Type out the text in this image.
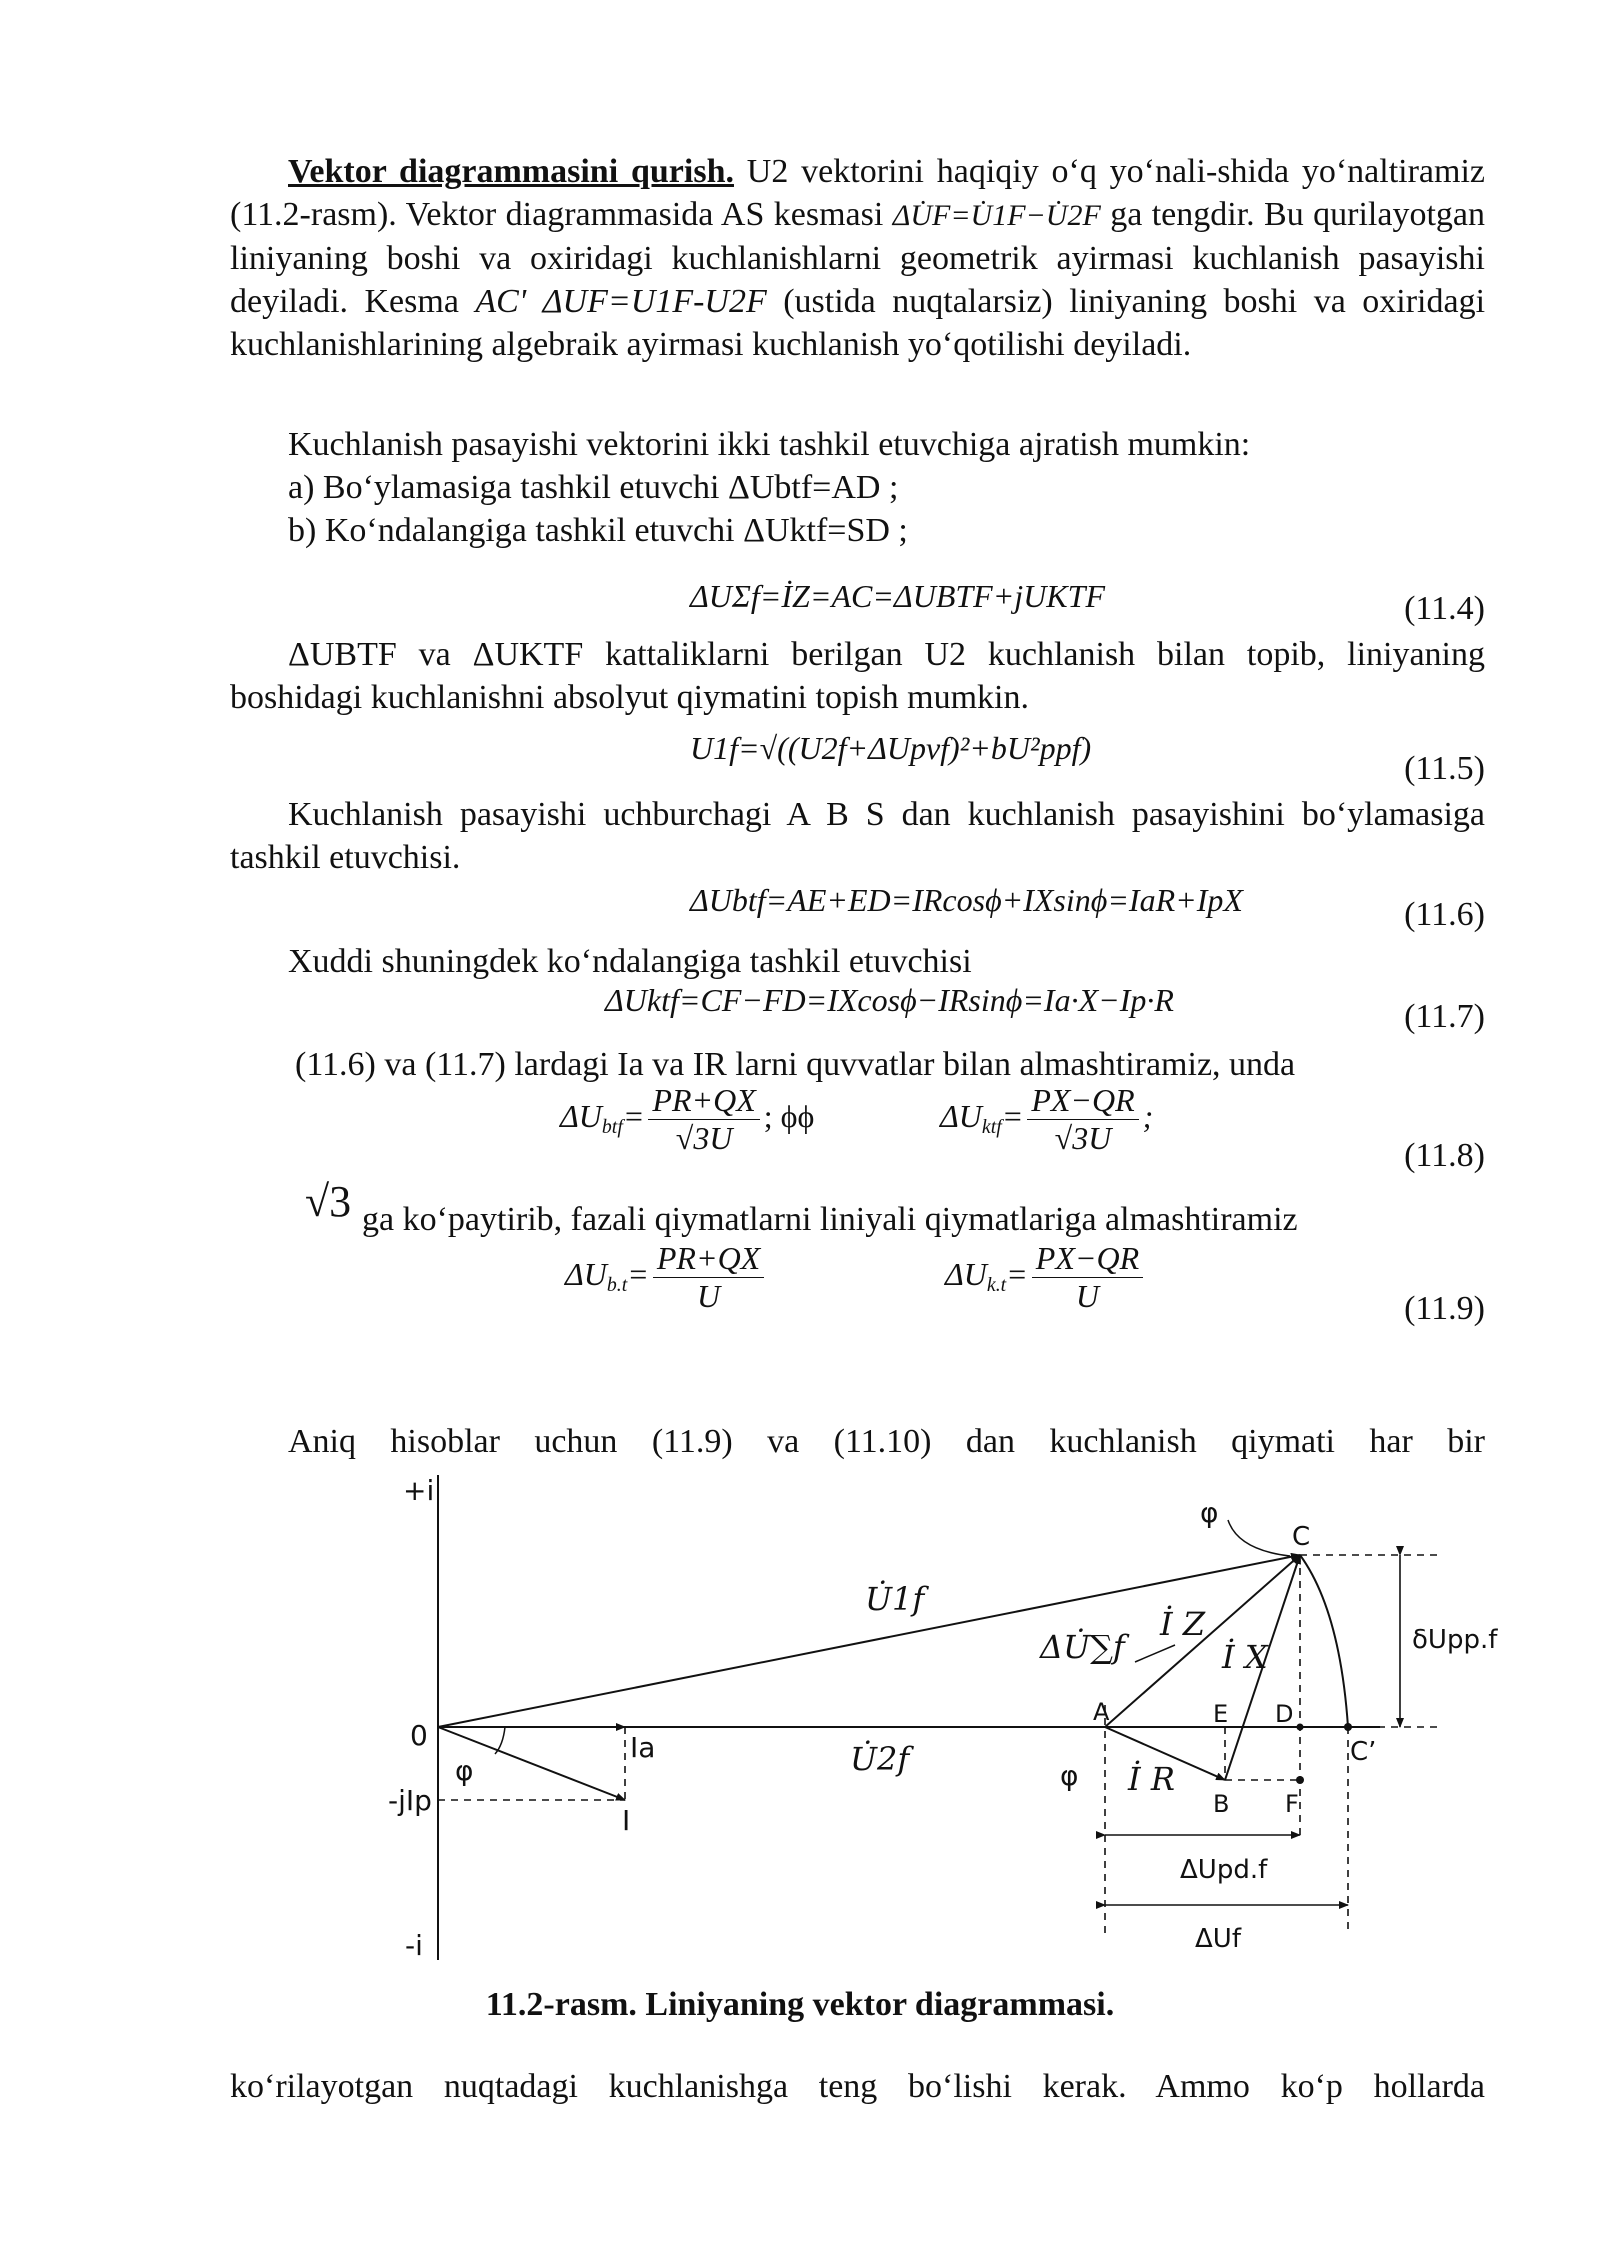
Vektor diagrammasini qurish. U2 vektorini haqiqiy o‘q yo‘nali-shida yo‘naltiramiz (11.2-rasm). Vektor diagrammasida AS kesmasi ΔU̇F=U̇1F−U̇2F ga tengdir. Bu qurilayotgan liniyaning boshi va oxiridagi kuchlanishlarni geometrik ayirmasi kuchlanish pasayishi deyiladi. Kesma AC' ΔUF=U1F-U2F (ustida nuqtalarsiz) liniyaning boshi va oxiridagi kuchlanishlarining algebraik ayirmasi kuchlanish yo‘qotilishi deyiladi.
Kuchlanish pasayishi vektorini ikki tashkil etuvchiga ajratish mumkin:
a) Bo‘ylamasiga tashkil etuvchi ΔUbtf=AD ;
b) Ko‘ndalangiga tashkil etuvchi ΔUktf=SD ;
ΔUΣf=İZ=AC=ΔUBTF+jUKTF	(11.4)
ΔUBTF va ΔUKTF kattaliklarni berilgan U2 kuchlanish bilan topib, liniyaning boshidagi kuchlanishni absolyut qiymatini topish mumkin.
U1f=√((U2f+ΔUpvf)²+bU²ppf)
(11.5)
Kuchlanish pasayishi uchburchagi A B S dan kuchlanish pasayishini bo‘ylamasiga tashkil etuvchisi.
ΔUbtf=AE+ED=IRcosϕ+IXsinϕ=IaR+IpX	(11.6)
Xuddi shuningdek ko‘ndalangiga tashkil etuvchisi
ΔUktf=CF−FD=IXcosϕ−IRsinϕ=Ia·X−Ip·R	(11.7)
(11.6) va (11.7) lardagi Ia va IR larni quvvatlar bilan almashtiramiz, unda
$\Delta U_{btf}= \frac{PR+QX}{√3U}$ ; ϕϕ	$\Delta U_{ktf}= \frac{PX-QR}{√3U}$ ;
(11.8)
√3 ga ko‘paytirib, fazali qiymatlarni liniyali qiymatlariga almashtiramiz
$\Delta U_{b.t}= \frac{PR+QX}{U}$	$\Delta U_{k.t}= \frac{PX-QR}{U}$	(11.9)
Aniq hisoblar uchun (11.9) va (11.10) dan kuchlanish qiymati har bir
+i
-i
0
-jIp
φ
Ia
I
U̇1f
U̇2f
ΔU̇∑f
İ Z
İ X
İ R
φ
φ
A
B
C
C’
D
E
F
δUpp.f
ΔUpd.f
ΔUf
11.2-rasm. Liniyaning vektor diagrammasi.
ko‘rilayotgan nuqtadagi kuchlanishga teng bo‘lishi kerak. Ammo ko‘p hollarda
